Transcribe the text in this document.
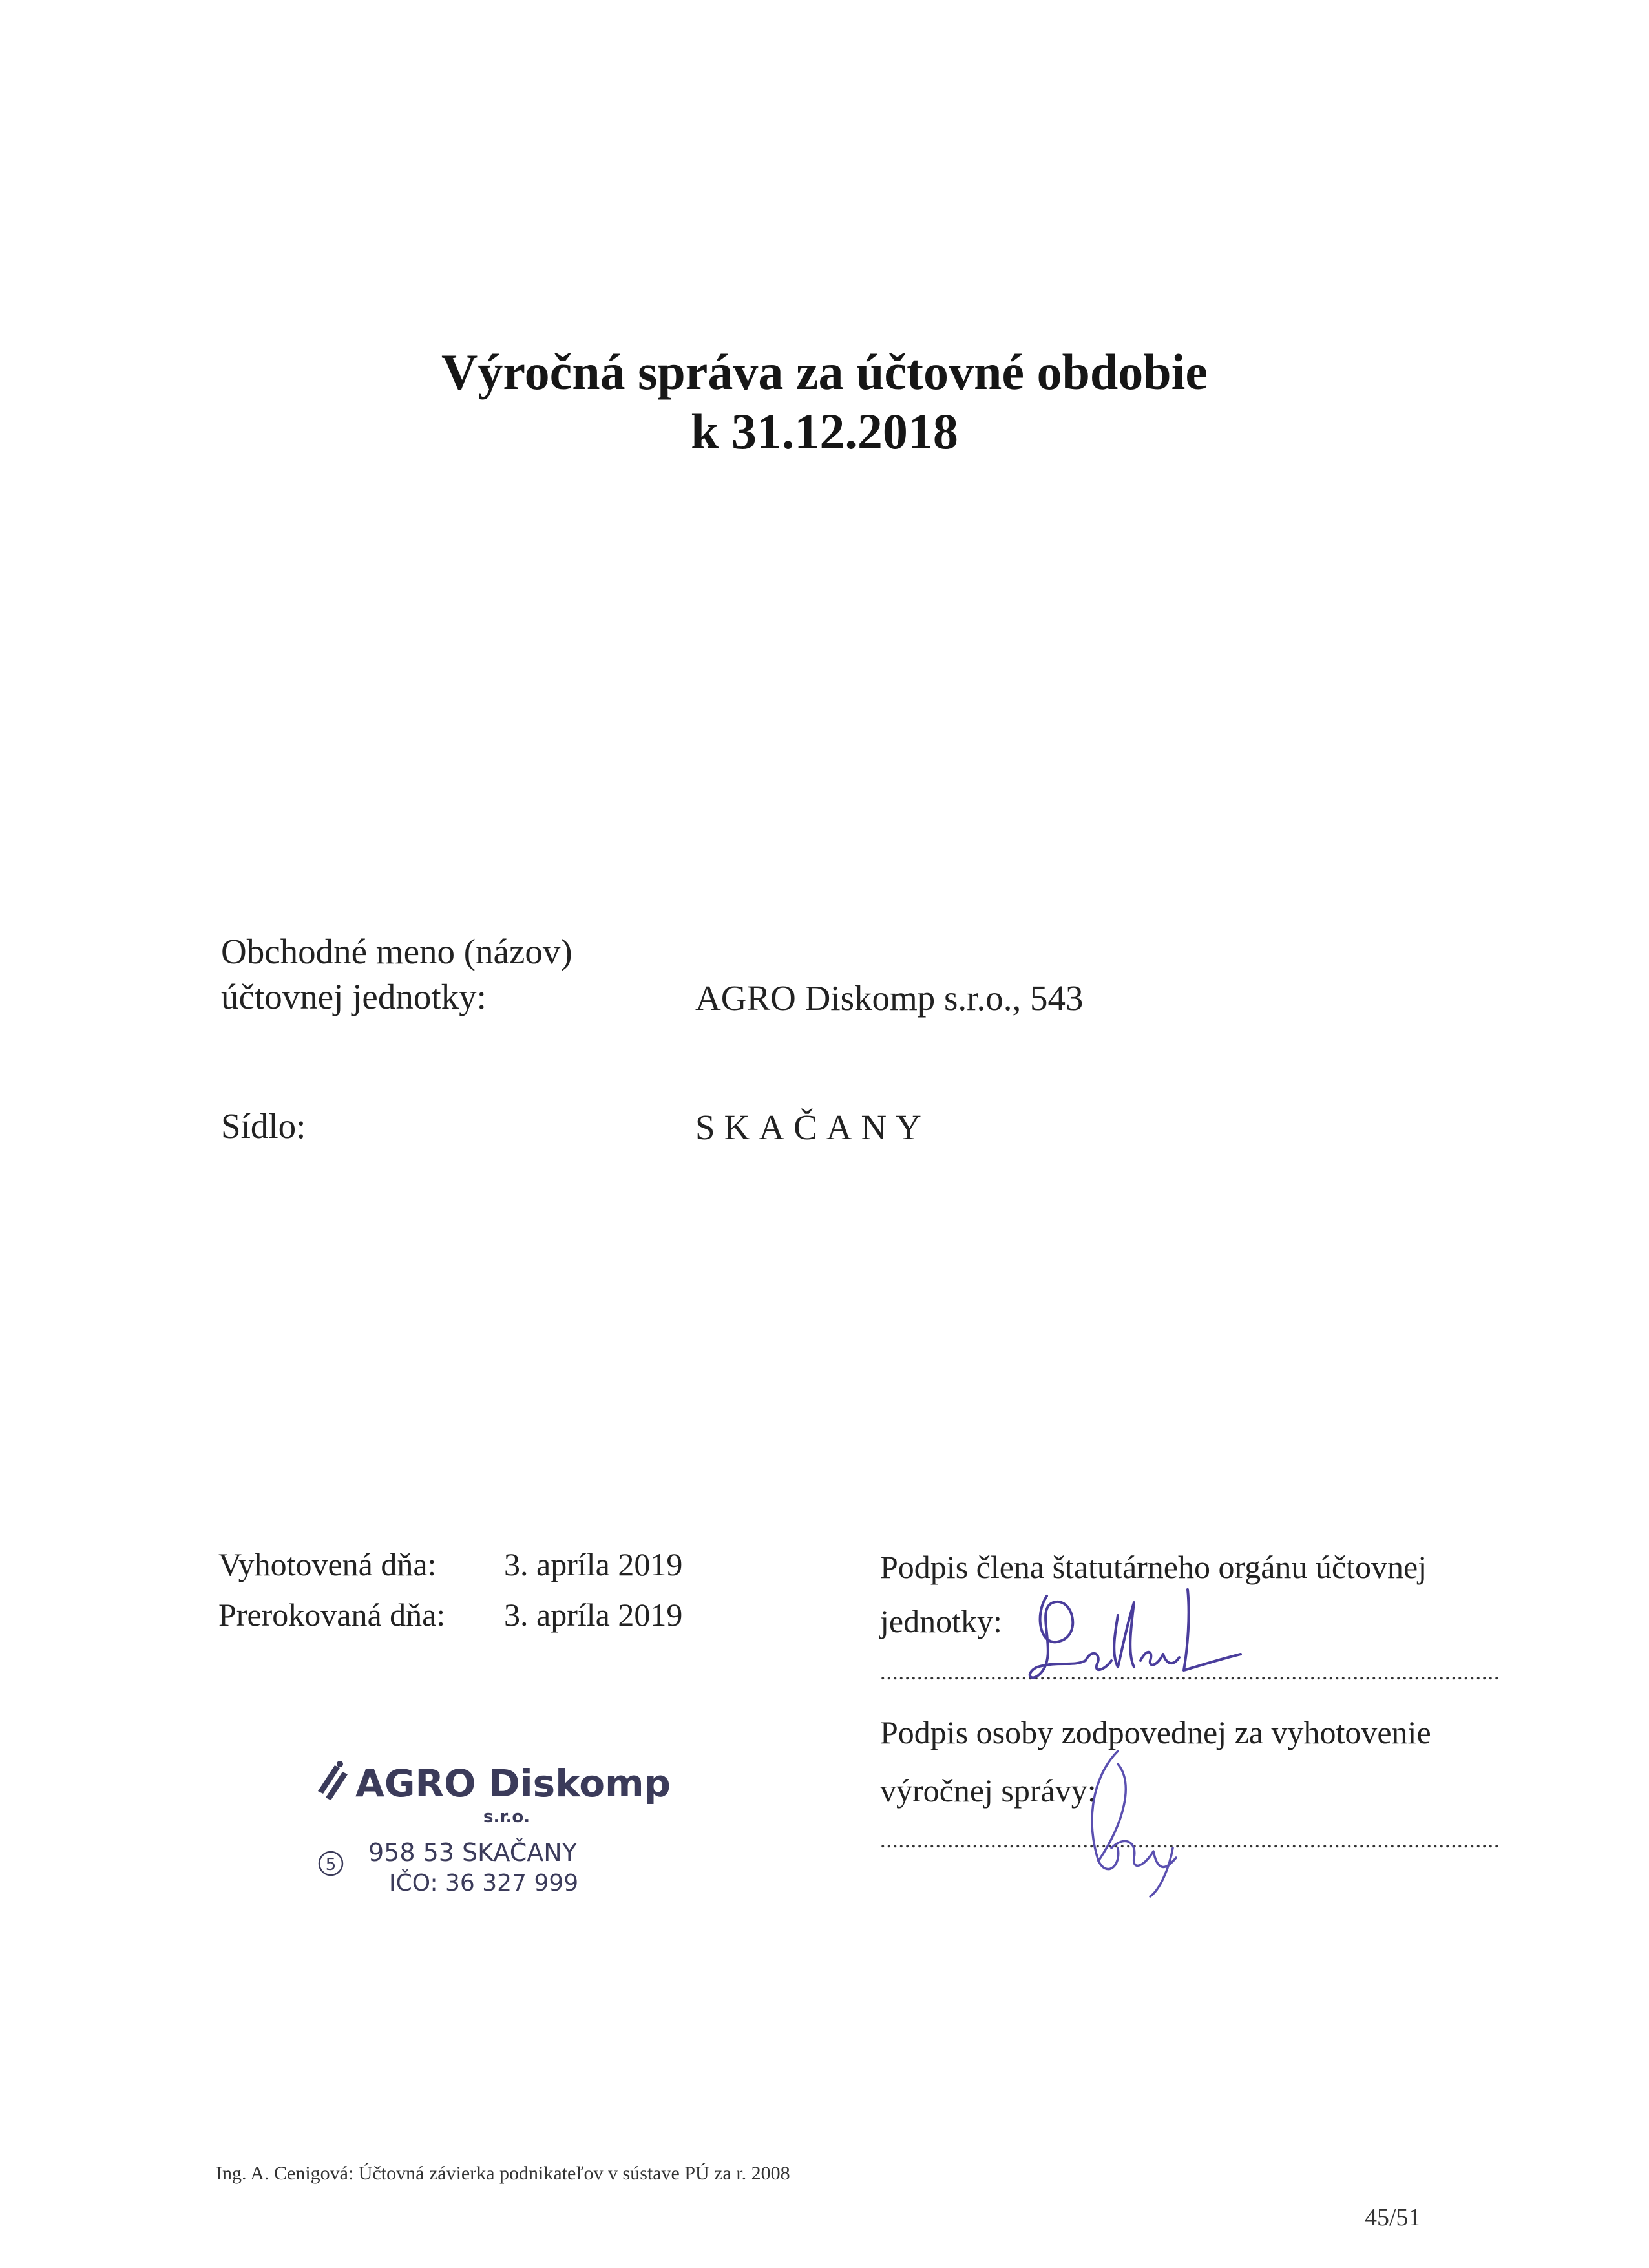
Výročná správa za účtovné obdobie
k 31.12.2018
Obchodné meno (názov)
účtovnej jednotky:	AGRO Diskomp s.r.o., 543
Sídlo:	SKAČANY
Vyhotovená dňa: 3. apríla 2019
Prerokovaná dňa: 3. apríla 2019
Podpis člena štatutárneho orgánu účtovnej
jednotky:
.....................................................................................................
Podpis osoby zodpovednej za vyhotovenie
výročnej správy:
.....................................................................................................
AGRO Diskomp
s.r.o.
5 958 53 SKAČANY
IČO: 36 327 999
Ing. A. Cenigová: Účtovná závierka podnikateľov v sústave PÚ za r. 2008
45/51
